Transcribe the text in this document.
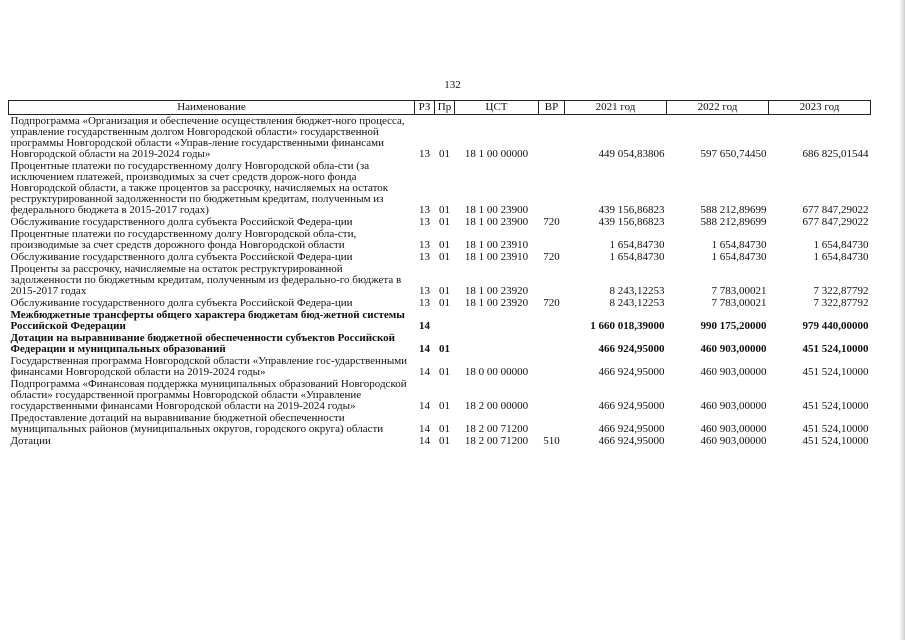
132
Наименование	РЗ	Пр	ЦСТ	ВР	2021 год	2022 год	2023 год
Подпрограмма «Организация и обеспечение осуществления бюджет-ного процесса, управление государственным долгом Новгородской области» государственной программы Новгородской области «Управ-ление государственными финансами Новгородской области на 2019-2024 годы»	13	01	18 1 00 00000		449 054,83806	597 650,74450	686 825,01544
Процентные платежи по государственному долгу Новгородской обла-сти (за исключением платежей, производимых за счет средств дорож-ного фонда Новгородской области, а также процентов за рассрочку, начисляемых на остаток реструктурированной задолженности по бюджетным кредитам, полученным из федерального бюджета в 2015-2017 годах)	13	01	18 1 00 23900		439 156,86823	588 212,89699	677 847,29022
Обслуживание государственного долга субъекта Российской Федера-ции	13	01	18 1 00 23900	720	439 156,86823	588 212,89699	677 847,29022
Процентные платежи по государственному долгу Новгородской обла-сти, производимые за счет средств дорожного фонда Новгородской области	13	01	18 1 00 23910		1 654,84730	1 654,84730	1 654,84730
Обслуживание государственного долга субъекта Российской Федера-ции	13	01	18 1 00 23910	720	1 654,84730	1 654,84730	1 654,84730
Проценты за рассрочку, начисляемые на остаток реструктурированной задолженности по бюджетным кредитам, полученным из федерально-го бюджета в 2015-2017 годах	13	01	18 1 00 23920		8 243,12253	7 783,00021	7 322,87792
Обслуживание государственного долга субъекта Российской Федера-ции	13	01	18 1 00 23920	720	8 243,12253	7 783,00021	7 322,87792
Межбюджетные трансферты общего характера бюджетам бюд-жетной системы Российской Федерации	14				1 660 018,39000	990 175,20000	979 440,00000
Дотации на выравнивание бюджетной обеспеченности субъектов Российской Федерации и муниципальных образований	14	01			466 924,95000	460 903,00000	451 524,10000
Государственная программа Новгородской области «Управление гос-ударственными финансами Новгородской области на 2019-2024 годы»	14	01	18 0 00 00000		466 924,95000	460 903,00000	451 524,10000
Подпрограмма «Финансовая поддержка муниципальных образований Новгородской области» государственной программы Новгородской области «Управление государственными финансами Новгородской области на 2019-2024 годы»	14	01	18 2 00 00000		466 924,95000	460 903,00000	451 524,10000
Предоставление дотаций на выравнивание бюджетной обеспеченности муниципальных районов (муниципальных округов, городского округа) области	14	01	18 2 00 71200		466 924,95000	460 903,00000	451 524,10000
Дотации	14	01	18 2 00 71200	510	466 924,95000	460 903,00000	451 524,10000
